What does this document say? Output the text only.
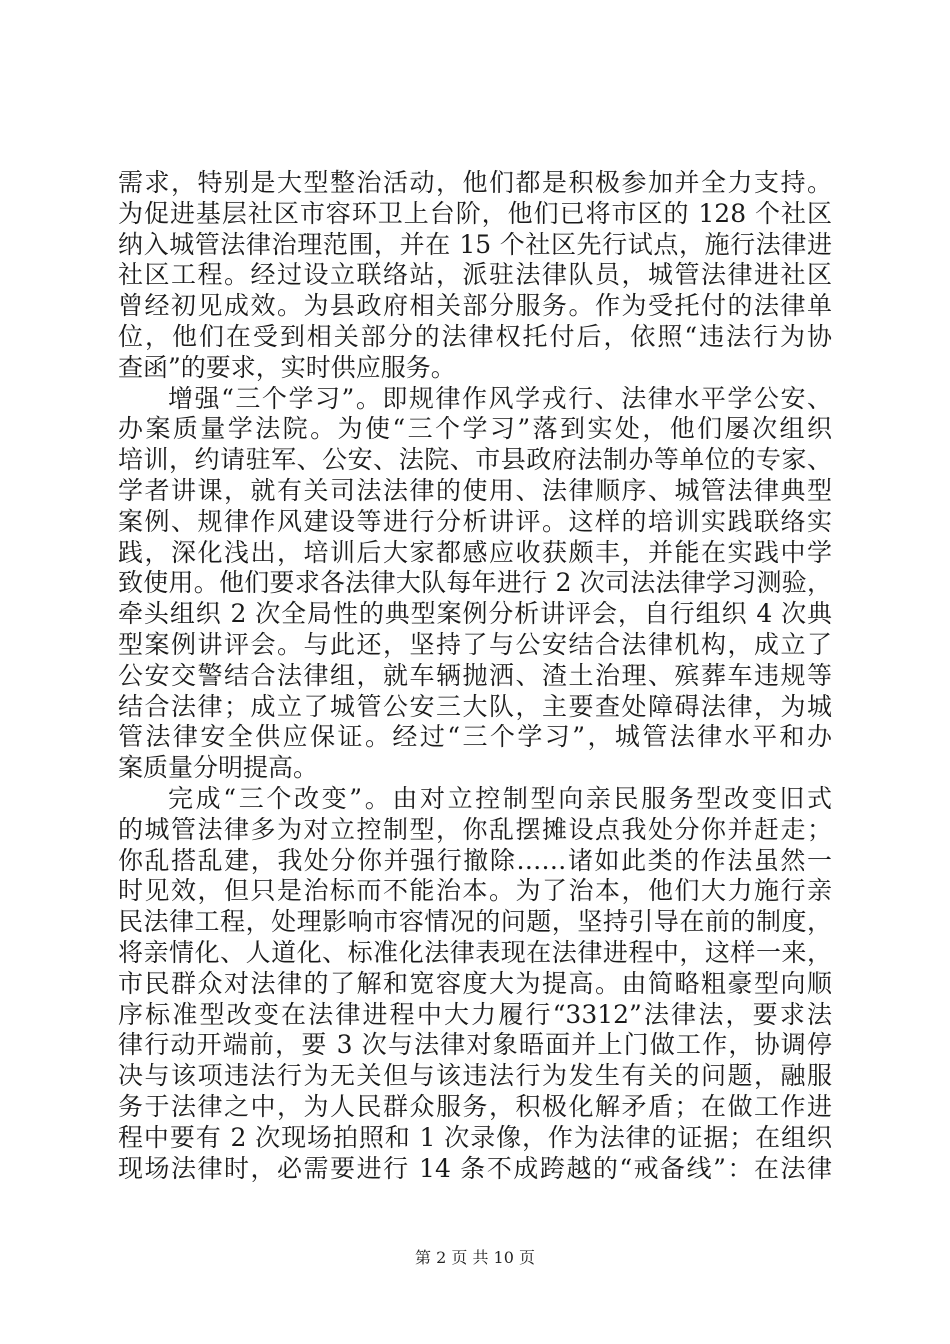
需求，特别是大型整治活动，他们都是积极参加并全力支持。
为促进基层社区市容环卫上台阶，他们已将市区的 128 个社区
纳入城管法律治理范围，并在 15 个社区先行试点，施行法律进
社区工程。经过设立联络站，派驻法律队员，城管法律进社区
曾经初见成效。为县政府相关部分服务。作为受托付的法律单
位，他们在受到相关部分的法律权托付后，依照“违法行为协
查函”的要求，实时供应服务。
增强“三个学习”。即规律作风学戎行、法律水平学公安、
办案质量学法院。为使“三个学习”落到实处，他们屡次组织
培训，约请驻军、公安、法院、市县政府法制办等单位的专家、
学者讲课，就有关司法法律的使用、法律顺序、城管法律典型
案例、规律作风建设等进行分析讲评。这样的培训实践联络实
践，深化浅出，培训后大家都感应收获颇丰，并能在实践中学
致使用。他们要求各法律大队每年进行 2 次司法法律学习测验，
牵头组织 2 次全局性的典型案例分析讲评会，自行组织 4 次典
型案例讲评会。与此还，坚持了与公安结合法律机构，成立了
公安交警结合法律组，就车辆抛洒、渣土治理、殡葬车违规等
结合法律；成立了城管公安三大队，主要查处障碍法律，为城
管法律安全供应保证。经过“三个学习”，城管法律水平和办
案质量分明提高。
完成“三个改变”。由对立控制型向亲民服务型改变旧式
的城管法律多为对立控制型，你乱摆摊设点我处分你并赶走；
你乱搭乱建，我处分你并强行撤除……诸如此类的作法虽然一
时见效，但只是治标而不能治本。为了治本，他们大力施行亲
民法律工程，处理影响市容情况的问题，坚持引导在前的制度，
将亲情化、人道化、标准化法律表现在法律进程中，这样一来，
市民群众对法律的了解和宽容度大为提高。由简略粗豪型向顺
序标准型改变在法律进程中大力履行“3312”法律法，要求法
律行动开端前，要 3 次与法律对象晤面并上门做工作，协调停
决与该项违法行为无关但与该违法行为发生有关的问题，融服
务于法律之中，为人民群众服务，积极化解矛盾；在做工作进
程中要有 2 次现场拍照和 1 次录像，作为法律的证据；在组织
现场法律时，必需要进行 14 条不成跨越的“戒备线”：在法律
第 2 页 共 10 页
